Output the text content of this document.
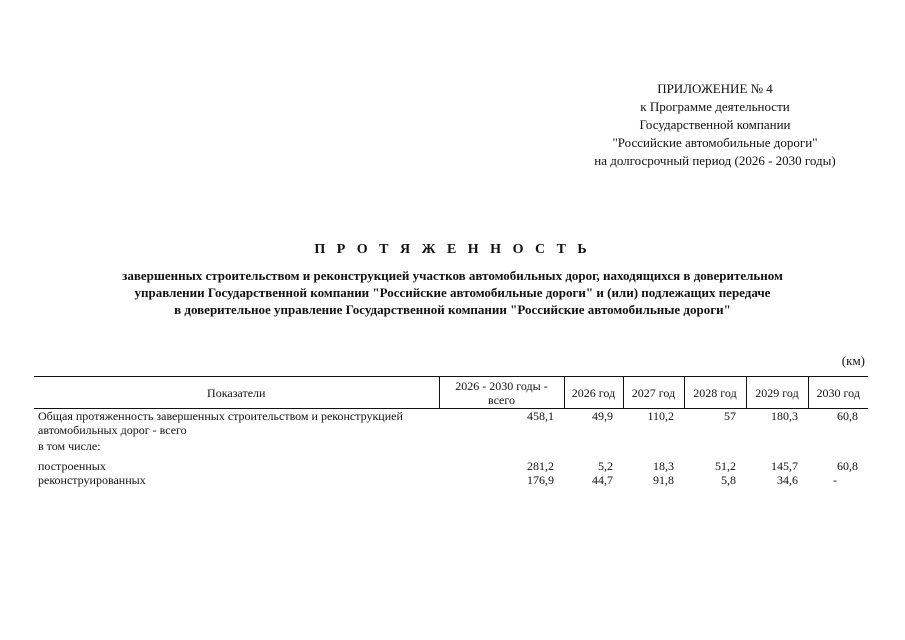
ПРИЛОЖЕНИЕ № 4
к Программе деятельности
Государственной компании
"Российские автомобильные дороги"
на долгосрочный период (2026 - 2030 годы)
П Р О Т Я Ж Е Н Н О С Т Ь
завершенных строительством и реконструкцией участков автомобильных дорог, находящихся в доверительном
управлении Государственной компании "Российские автомобильные дороги" и (или) подлежащих передаче
в доверительное управление Государственной компании "Российские автомобильные дороги"
(км)
Показатели	2026 - 2030 годы - всего	2026 год	2027 год	2028 год	2029 год	2030 год
Общая протяженность завершенных строительством и реконструкцией автомобильных дорог - всего	458,1	49,9	110,2	57	180,3	60,8
в том числе:						
построенных	281,2	5,2	18,3	51,2	145,7	60,8
реконструированных	176,9	44,7	91,8	5,8	34,6	-
